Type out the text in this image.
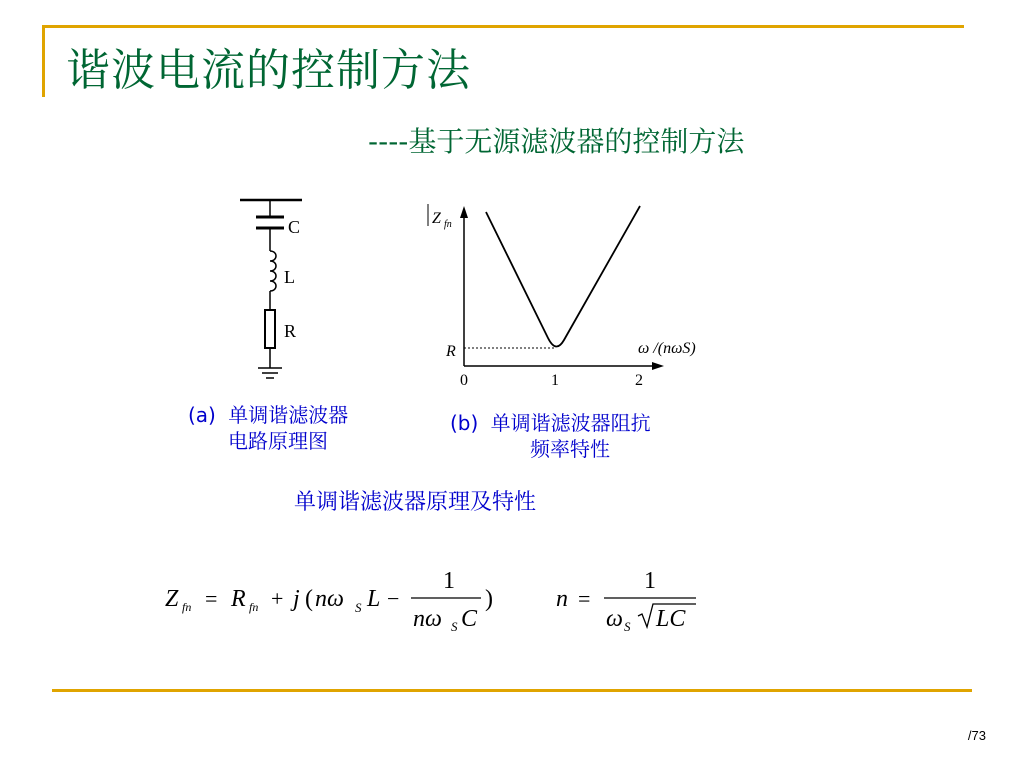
谐波电流的控制方法
----基于无源滤波器的控制方法
C
L
R
(a) 单调谐滤波器
电路原理图
Z fn
ω /(nωS)
R
0	1	2
(b) 单调谐滤波器阻抗
频率特性
单调谐滤波器原理及特性
Z fn = R fn + j ( nω S L −
1
nω S C
)	n =
1
ω S LC
/73
